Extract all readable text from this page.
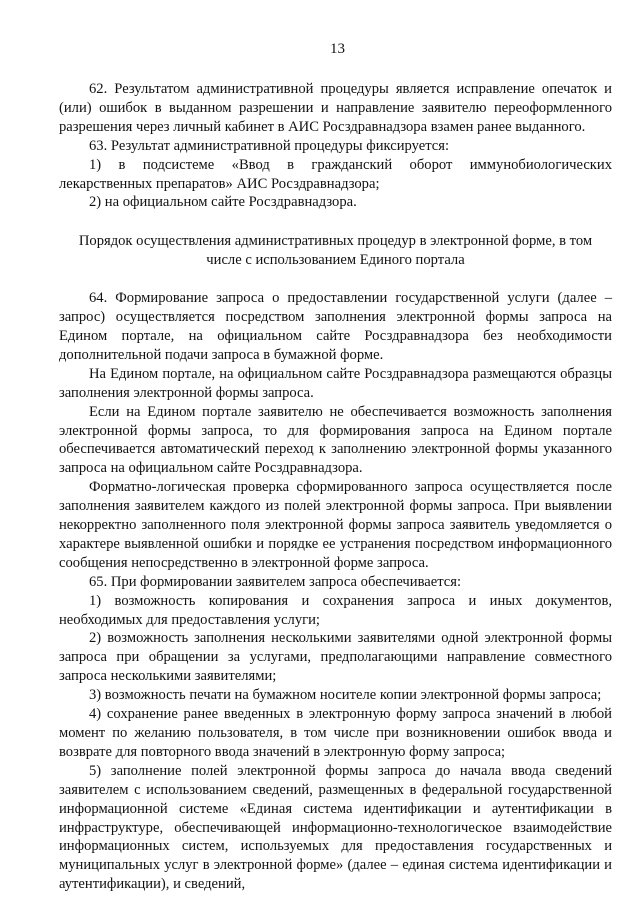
13

62. Результатом административной процедуры является исправление опечаток и (или) ошибок в выданном разрешении и направление заявителю переоформленного разрешения через личный кабинет в АИС Росздравнадзора взамен ранее выданного.

63. Результат административной процедуры фиксируется:

1) в подсистеме «Ввод в гражданский оборот иммунобиологических лекарственных препаратов» АИС Росздравнадзора;

2) на официальном сайте Росздравнадзора.

Порядок осуществления административных процедур в электронной форме, в том числе с использованием Единого портала

64. Формирование запроса о предоставлении государственной услуги (далее – запрос) осуществляется посредством заполнения электронной формы запроса на Едином портале, на официальном сайте Росздравнадзора без необходимости дополнительной подачи запроса в бумажной форме.

На Едином портале, на официальном сайте Росздравнадзора размещаются образцы заполнения электронной формы запроса.

Если на Едином портале заявителю не обеспечивается возможность заполнения электронной формы запроса, то для формирования запроса на Едином портале обеспечивается автоматический переход к заполнению электронной формы указанного запроса на официальном сайте Росздравнадзора.

Форматно-логическая проверка сформированного запроса осуществляется после заполнения заявителем каждого из полей электронной формы запроса. При выявлении некорректно заполненного поля электронной формы запроса заявитель уведомляется о характере выявленной ошибки и порядке ее устранения посредством информационного сообщения непосредственно в электронной форме запроса.

65. При формировании заявителем запроса обеспечивается:

1) возможность копирования и сохранения запроса и иных документов, необходимых для предоставления услуги;

2) возможность заполнения несколькими заявителями одной электронной формы запроса при обращении за услугами, предполагающими направление совместного запроса несколькими заявителями;

3) возможность печати на бумажном носителе копии электронной формы запроса;

4) сохранение ранее введенных в электронную форму запроса значений в любой момент по желанию пользователя, в том числе при возникновении ошибок ввода и возврате для повторного ввода значений в электронную форму запроса;

5) заполнение полей электронной формы запроса до начала ввода сведений заявителем с использованием сведений, размещенных в федеральной государственной информационной системе «Единая система идентификации и аутентификации в инфраструктуре, обеспечивающей информационно-технологическое взаимодействие информационных систем, используемых для предоставления государственных и муниципальных услуг в электронной форме» (далее – единая система идентификации и аутентификации), и сведений,
